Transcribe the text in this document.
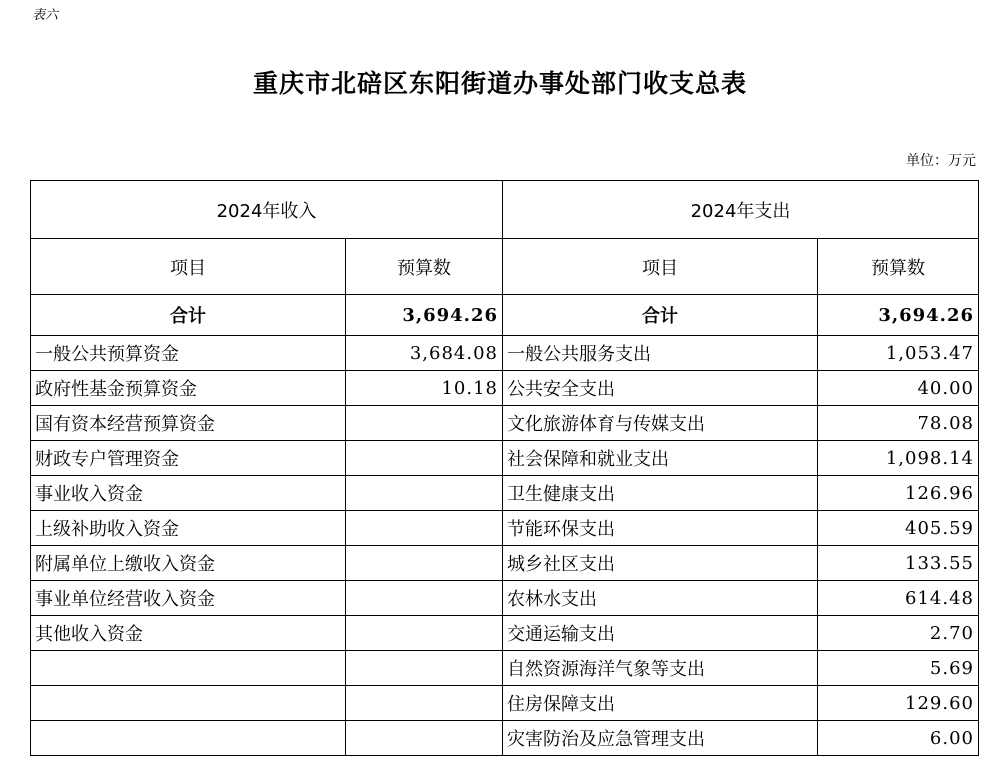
表六
重庆市北碚区东阳街道办事处部门收支总表
单位：万元
2024年收入		2024年支出	
项目	预算数	项目	预算数
合计	3,694.26	合计	3,694.26
一般公共预算资金	3,684.08	一般公共服务支出	1,053.47
政府性基金预算资金	10.18	公共安全支出	40.00
国有资本经营预算资金		文化旅游体育与传媒支出	78.08
财政专户管理资金		社会保障和就业支出	1,098.14
事业收入资金		卫生健康支出	126.96
上级补助收入资金		节能环保支出	405.59
附属单位上缴收入资金		城乡社区支出	133.55
事业单位经营收入资金		农林水支出	614.48
其他收入资金		交通运输支出	2.70
		自然资源海洋气象等支出	5.69
		住房保障支出	129.60
		灾害防治及应急管理支出	6.00
